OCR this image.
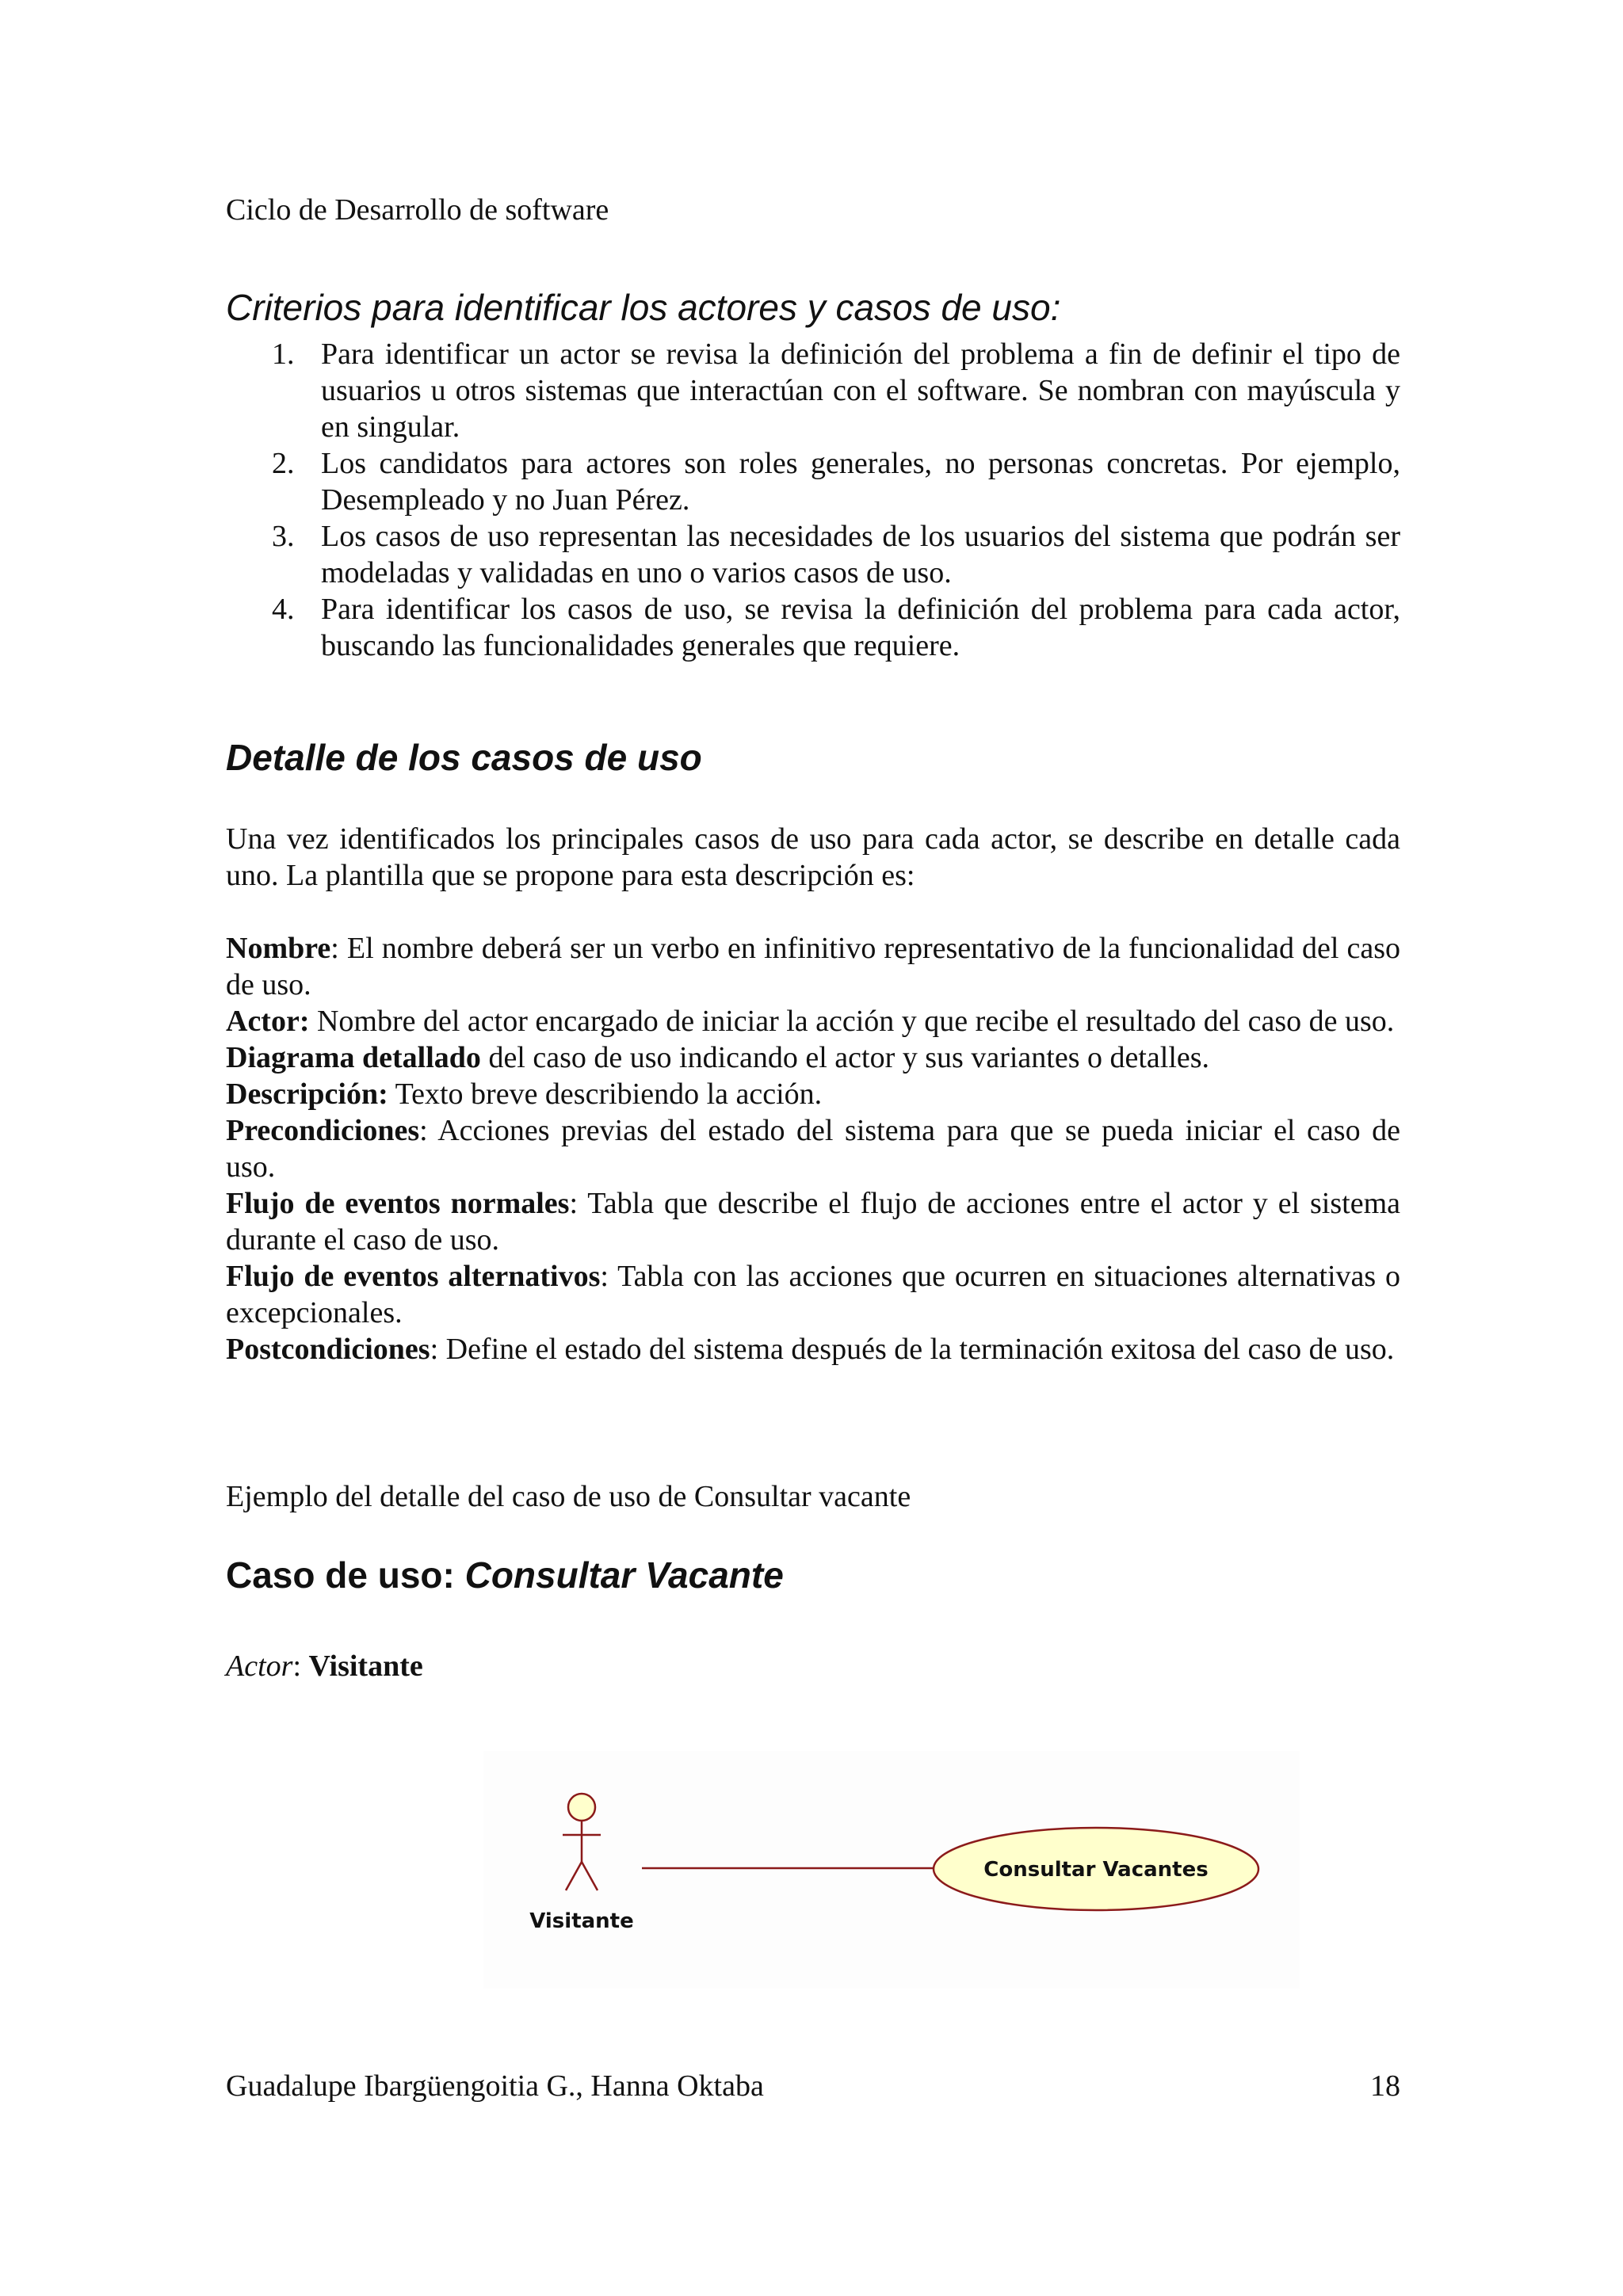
Ciclo de Desarrollo de software
Criterios para identificar los actores y casos de uso:
1. Para identificar un actor se revisa la definición del problema a fin de definir el tipo de usuarios u otros sistemas que interactúan con el software. Se nombran con mayúscula y en singular.
2. Los candidatos para actores son roles generales, no personas concretas. Por ejemplo, Desempleado y no Juan Pérez.
3. Los casos de uso representan las necesidades de los usuarios del sistema que podrán ser modeladas y validadas en uno o varios casos de uso.
4. Para identificar los casos de uso, se revisa la definición del problema para cada actor, buscando las funcionalidades generales que requiere.
Detalle de los casos de uso

Una vez identificados los principales casos de uso para cada actor, se describe en detalle cada uno. La plantilla que se propone para esta descripción es:

Nombre: El nombre deberá ser un verbo en infinitivo representativo de la funcionalidad del caso de uso.

Actor: Nombre del actor encargado de iniciar la acción y que recibe el resultado del caso de uso.

Diagrama detallado del caso de uso indicando el actor y sus variantes o detalles.

Descripción: Texto breve describiendo la acción.

Precondiciones: Acciones previas del estado del sistema para que se pueda iniciar el caso de uso.

Flujo de eventos normales: Tabla que describe el flujo de acciones entre el actor y el sistema durante el caso de uso.

Flujo de eventos alternativos: Tabla con las acciones que ocurren en situaciones alternativas o excepcionales.

Postcondiciones: Define el estado del sistema después de la terminación exitosa del caso de uso.

Ejemplo del detalle del caso de uso de Consultar vacante

Caso de uso: Consultar Vacante

Actor: Visitante

Visitante
Consultar Vacantes
Guadalupe Ibargüengoitia G., Hanna Oktaba	18
